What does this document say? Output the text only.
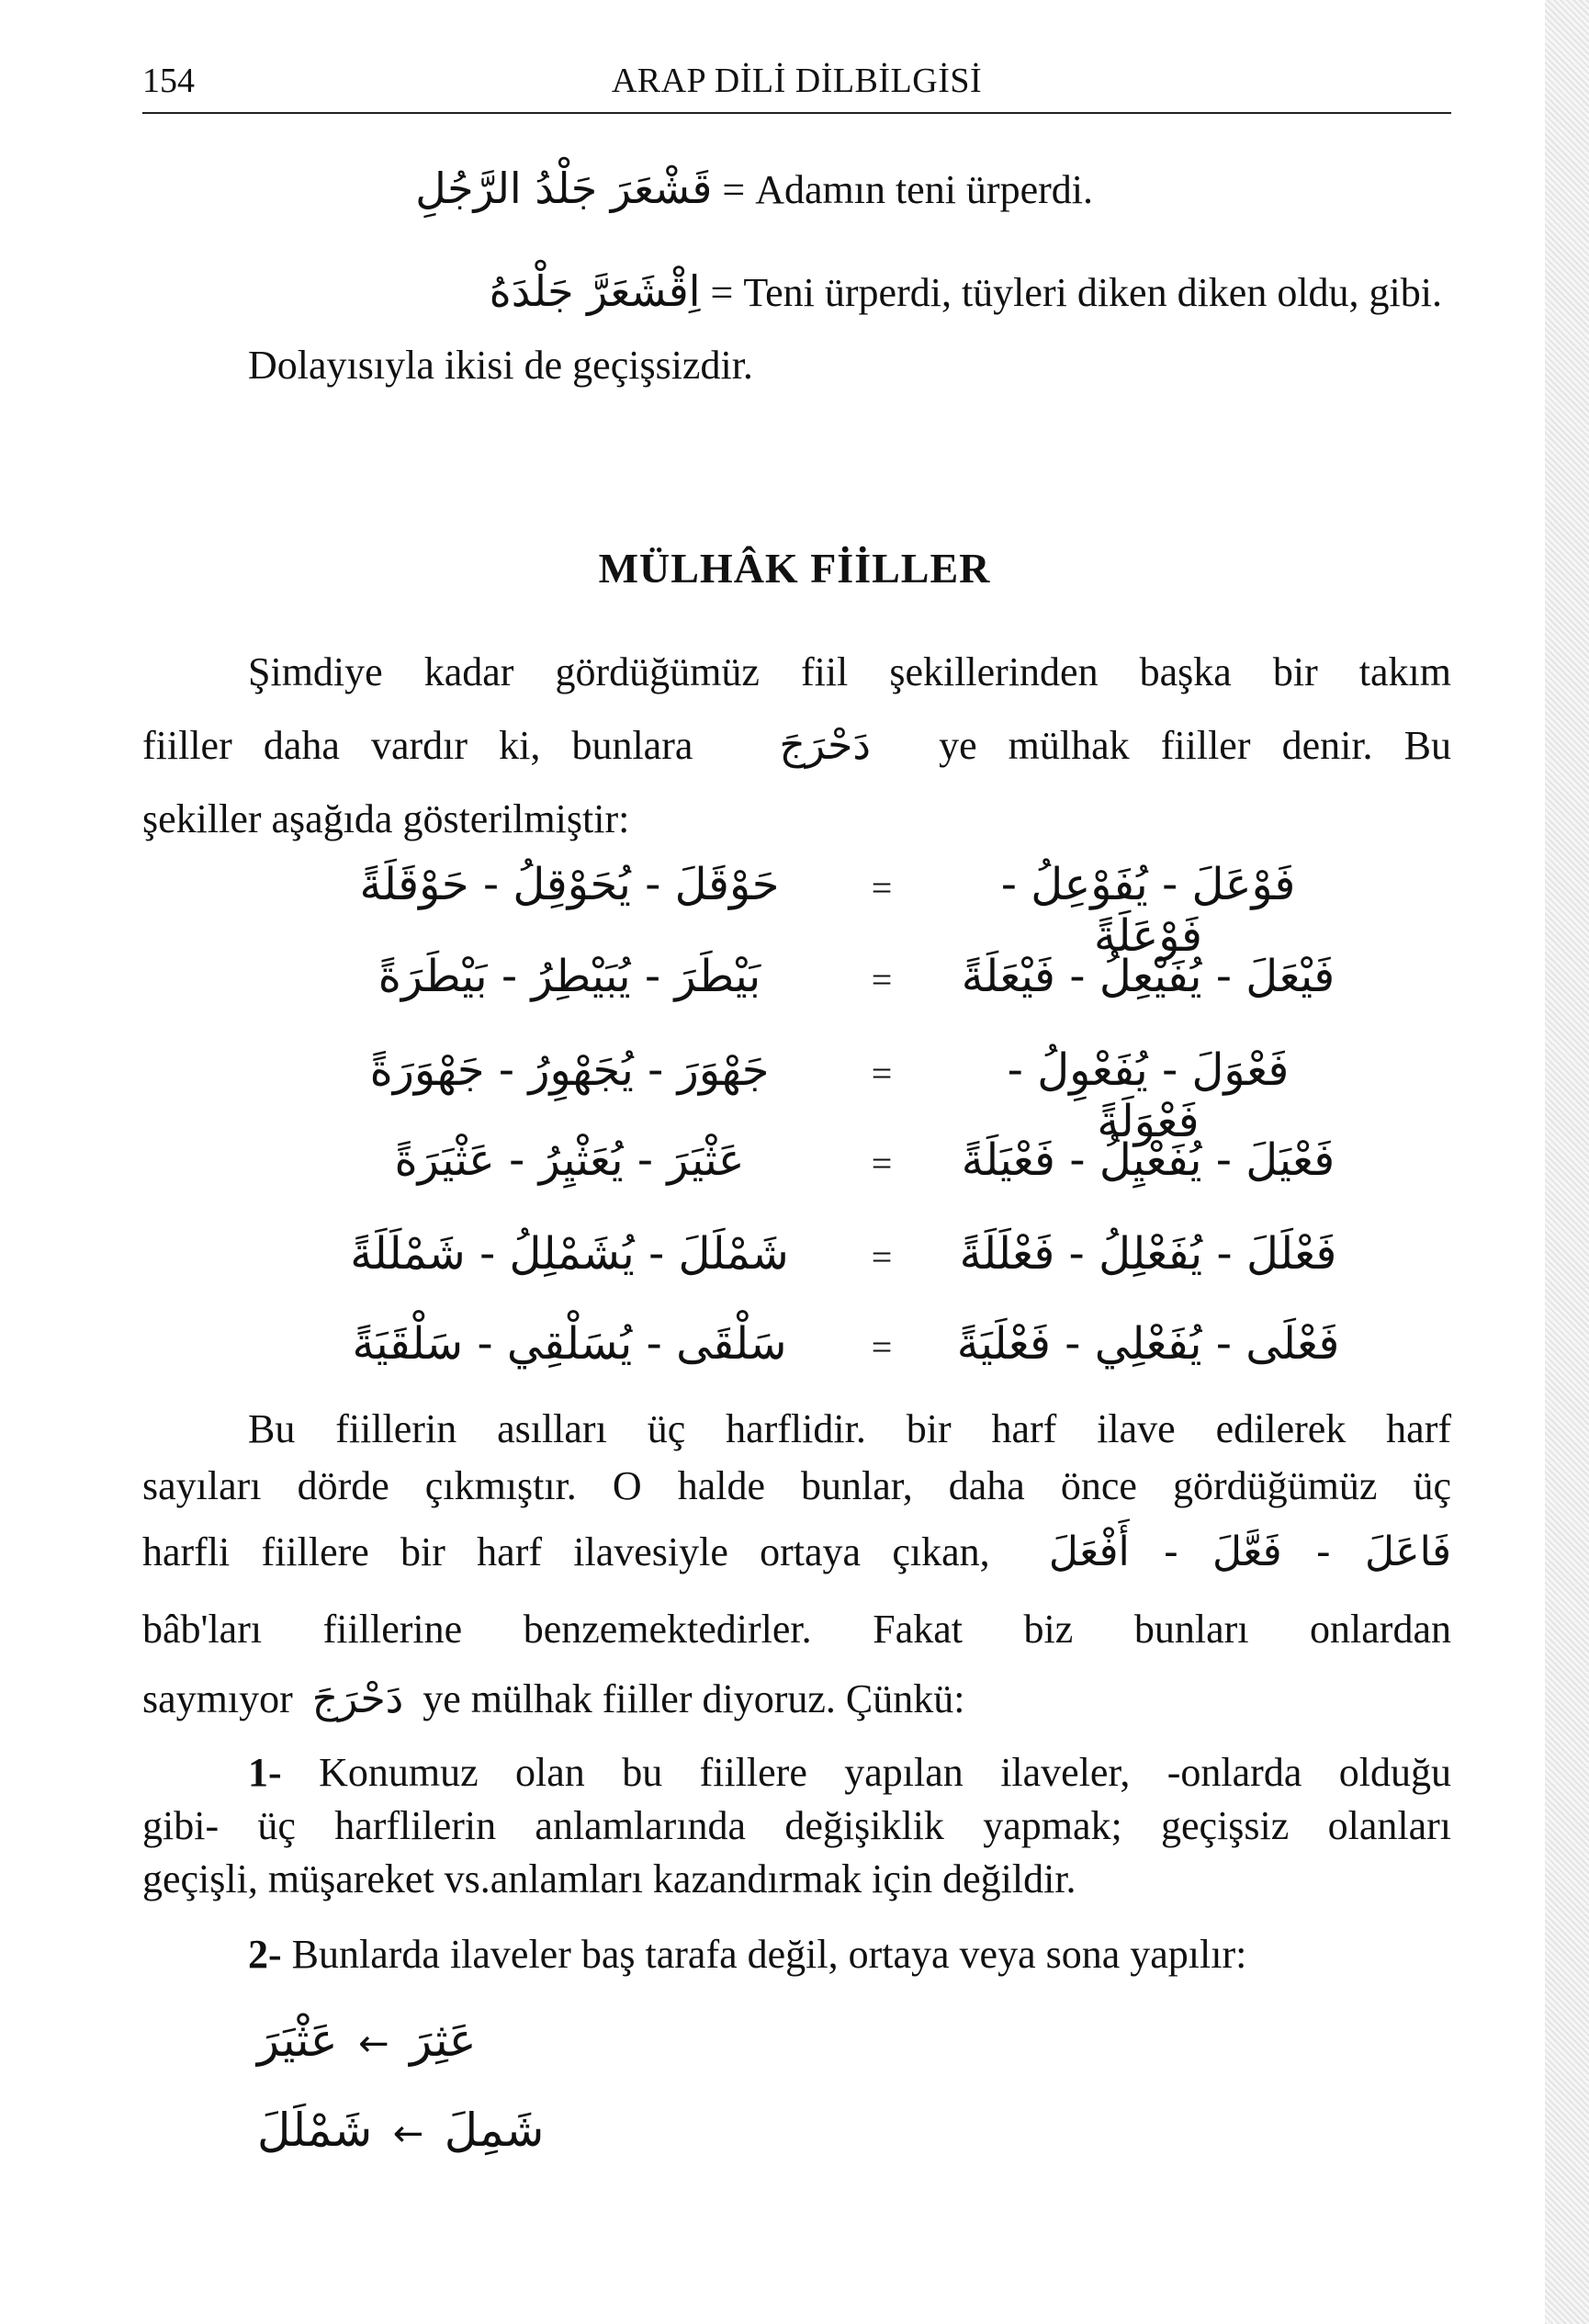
154	ARAP DİLİ DİLBİLGİSİ
قَشْعَرَ جَلْدُ الرَّجُلِ = Adamın teni ürperdi.
اِقْشَعَرَّ جَلْدَهُ = Teni ürperdi, tüyleri diken diken oldu, gibi.
Dolayısıyla ikisi de geçişsizdir.
MÜLHÂK FİİLLER
Şimdiye kadar gördüğümüz fiil şekillerinden başka bir takım
fiiller daha vardır ki, bunlara دَحْرَجَ ye mülhak fiiller denir. Bu
şekiller aşağıda gösterilmiştir:
حَوْقَلَ - يُحَوْقِلُ - حَوْقَلَةً	=	فَوْعَلَ - يُفَوْعِلُ - فَوْعَلَةً
بَيْطَرَ - يُبَيْطِرُ - بَيْطَرَةً	=	فَيْعَلَ - يُفَيْعِلُ - فَيْعَلَةً
جَهْوَرَ - يُجَهْوِرُ - جَهْوَرَةً	=	فَعْوَلَ - يُفَعْوِلُ - فَعْوَلَةً
عَثْيَرَ - يُعَثْيِرُ - عَثْيَرَةً	=	فَعْيَلَ - يُفَعْيِلُ - فَعْيَلَةً
شَمْلَلَ - يُشَمْلِلُ - شَمْلَلَةً	=	فَعْلَلَ - يُفَعْلِلُ - فَعْلَلَةً
سَلْقَى - يُسَلْقِي - سَلْقَيَةً	=	فَعْلَى - يُفَعْلِي - فَعْلَيَةً
Bu fiillerin asılları üç harflidir. bir harf ilave edilerek harf
sayıları dörde çıkmıştır. O halde bunlar, daha önce gördüğümüz üç
harfli fiillere bir harf ilavesiyle ortaya çıkan, فَاعَلَ - فَعَّلَ - أَفْعَلَ
bâb'ları fiillerine benzemektedirler. Fakat biz bunları onlardan
saymıyor دَحْرَجَ ye mülhak fiiller diyoruz. Çünkü:
1- Konumuz olan bu fiillere yapılan ilaveler, -onlarda olduğu
gibi- üç harflilerin anlamlarında değişiklik yapmak; geçişsiz olanları
geçişli, müşareket vs.anlamları kazandırmak için değildir.
2- Bunlarda ilaveler baş tarafa değil, ortaya veya sona yapılır:
عَثْيَرَ ← عَثِرَ
شَمْلَلَ ← شَمِلَ
